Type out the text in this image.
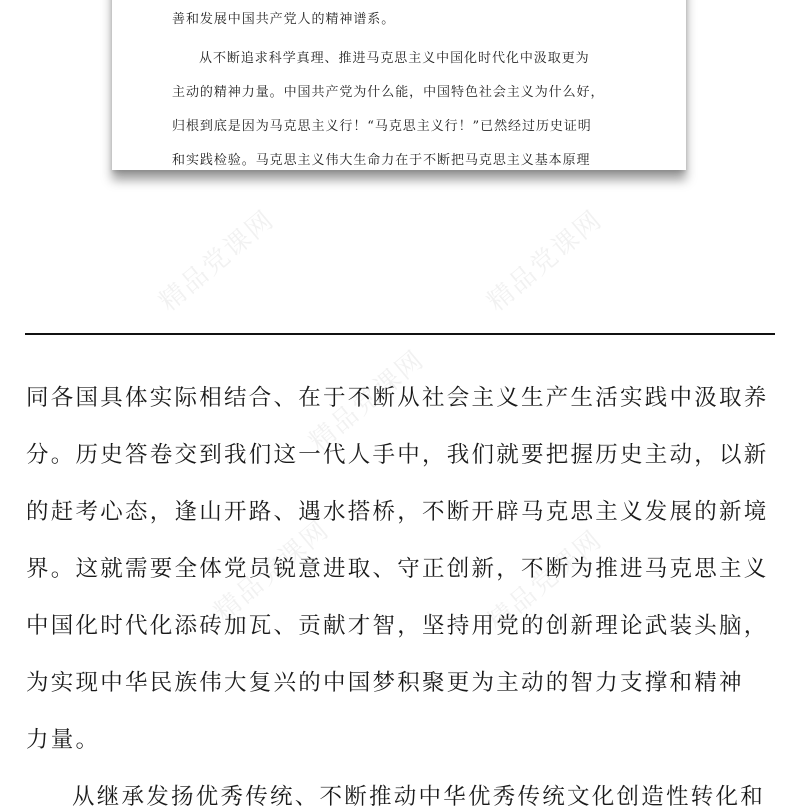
善和发展中国共产党人的精神谱系。

从不断追求科学真理、推进马克思主义中国化时代化中汲取更为

主动的精神力量。中国共产党为什么能，中国特色社会主义为什么好，

归根到底是因为马克思主义行！“马克思主义行！”已然经过历史证明

和实践检验。马克思主义伟大生命力在于不断把马克思主义基本原理

精品党课网	精品党课网
精品党课网
精品党课网	精品党课网

同各国具体实际相结合、在于不断从社会主义生产生活实践中汲取养

分。历史答卷交到我们这一代人手中，我们就要把握历史主动，以新

的赶考心态，逢山开路、遇水搭桥，不断开辟马克思主义发展的新境

界。这就需要全体党员锐意进取、守正创新，不断为推进马克思主义

中国化时代化添砖加瓦、贡献才智，坚持用党的创新理论武装头脑，

为实现中华民族伟大复兴的中国梦积聚更为主动的智力支撑和精神

力量。

从继承发扬优秀传统、不断推动中华优秀传统文化创造性转化和
